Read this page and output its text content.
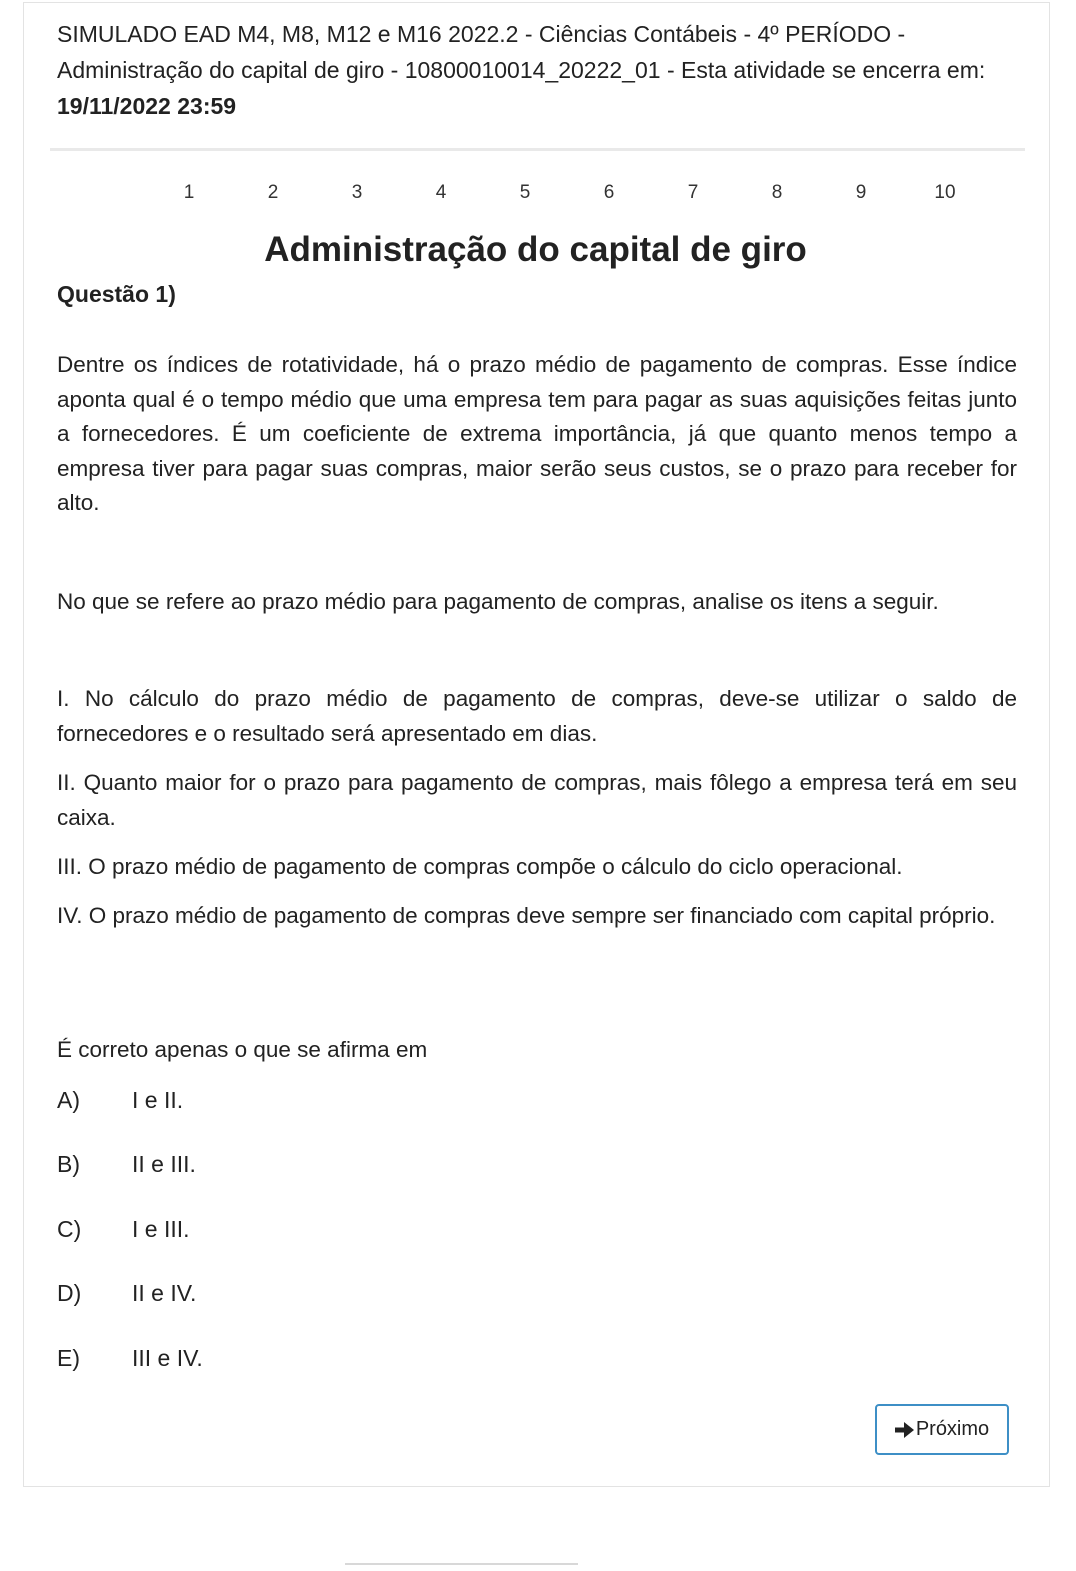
SIMULADO EAD M4, M8, M12 e M16 2022.2 - Ciências Contábeis - 4º PERÍODO -
Administração do capital de giro - 10800010014_20222_01 - Esta atividade se encerra em:
19/11/2022 23:59
1	2	3	4	5	6	7	8	9	10
Administração do capital de giro
Questão 1)
Dentre os índices de rotatividade, há o prazo médio de pagamento de compras. Esse índice aponta qual é o tempo médio que uma empresa tem para pagar as suas aquisições feitas junto a fornecedores. É um coeficiente de extrema importância, já que quanto menos tempo a empresa tiver para pagar suas compras, maior serão seus custos, se o prazo para receber for alto.
No que se refere ao prazo médio para pagamento de compras, analise os itens a seguir.
I. No cálculo do prazo médio de pagamento de compras, deve-se utilizar o saldo de fornecedores e o resultado será apresentado em dias.
II. Quanto maior for o prazo para pagamento de compras, mais fôlego a empresa terá em seu caixa.
III. O prazo médio de pagamento de compras compõe o cálculo do ciclo operacional.
IV. O prazo médio de pagamento de compras deve sempre ser financiado com capital próprio.
É correto apenas o que se afirma em
A) I e II.
B) II e III.
C) I e III.
D) II e IV.
E) III e IV.
Próximo
